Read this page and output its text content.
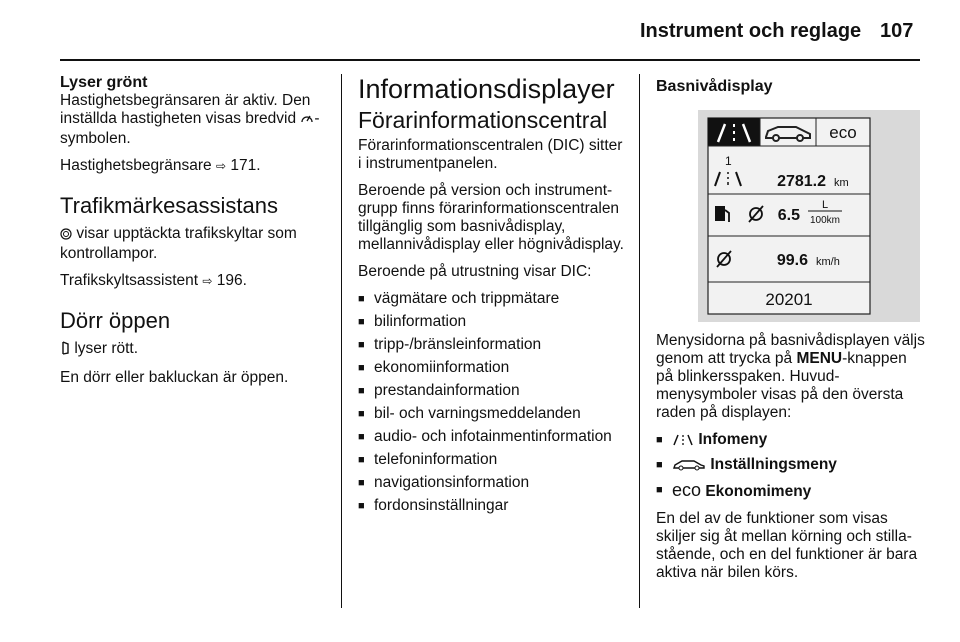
Instrument och reglage 107
Lyser grönt

Hastighetsbegränsaren är aktiv. Den inställda hastigheten visas bredvid -symbolen.

Hastighetsbegränsare ⇨ 171.

Trafikmärkesassistans

visar upptäckta trafikskyltar som kontrollampor.

Trafikskyltsassistent ⇨ 196.

Dörr öppen

lyser rött.

En dörr eller bakluckan är öppen.

Informationsdisplayer
Förarinformationscentral

Förarinformationscentralen (DIC) sitter i instrumentpanelen.

Beroende på version och instrumentgrupp finns förarinformationscentralen tillgänglig som basnivådisplay, mellannivådisplay eller högnivådisplay.

Beroende på utrustning visar DIC:

■ vägmätare och trippmätare
■ bilinformation
■ tripp-/bränsleinformation
■ ekonomiinformation
■ prestandainformation
■ bil- och varningsmeddelanden
■ audio- och infotainmentinformation
■ telefoninformation
■ navigationsinformation
■ fordonsinställningar
Basnivådisplay
eco
1
2781.2 km
6.5
L
100km
99.6 km/h
20201

Menysidorna på basnivådisplayen väljs genom att trycka på MENU-knappen på blinkersspaken. Huvudmenysymboler visas på den översta raden på displayen:

■ Infomeny
■ Inställningsmeny
■ eco Ekonomimeny

En del av de funktioner som visas skiljer sig åt mellan körning och stillastående, och en del funktioner är bara aktiva när bilen körs.
